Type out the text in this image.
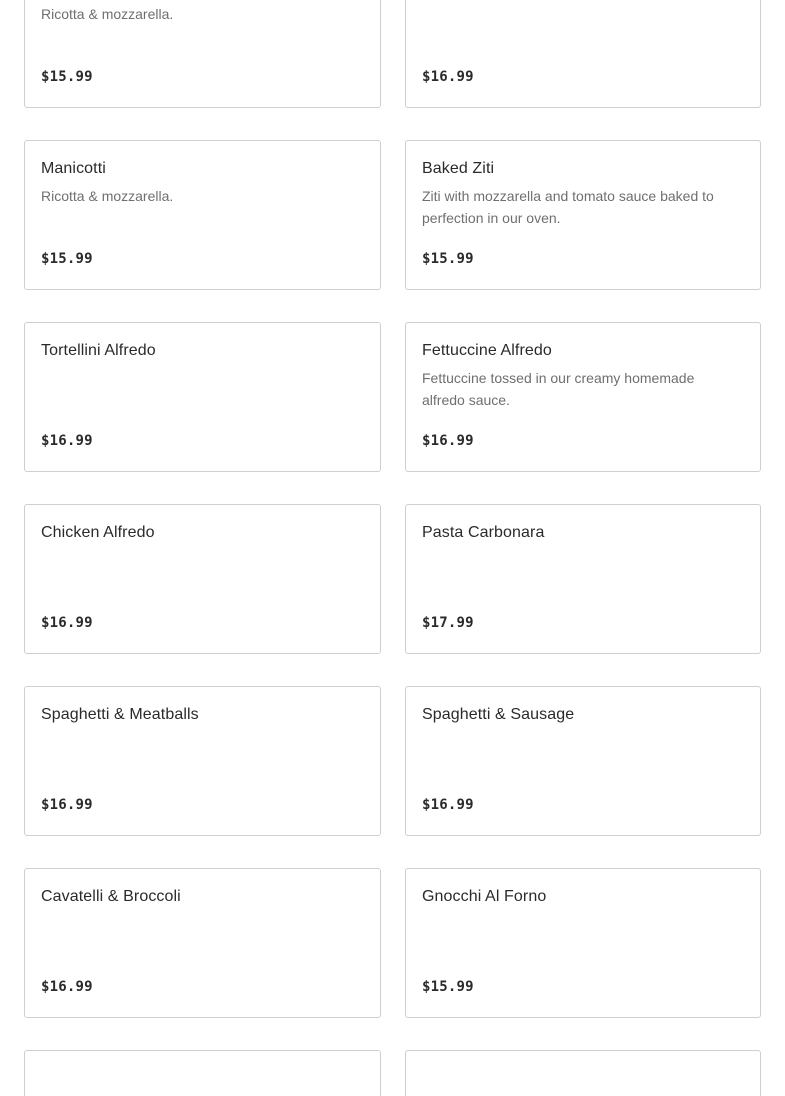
Ricotta & mozzarella.
$15.99	$16.99
Manicotti
Ricotta & mozzarella.
$15.99
Baked Ziti
Ziti with mozzarella and tomato sauce baked to perfection in our oven.
$15.99
Tortellini Alfredo
$16.99
Fettuccine Alfredo
Fettuccine tossed in our creamy homemade alfredo sauce.
$16.99
Chicken Alfredo
$16.99
Pasta Carbonara
$17.99
Spaghetti & Meatballs
$16.99
Spaghetti & Sausage
$16.99
Cavatelli & Broccoli
$16.99
Gnocchi Al Forno
$15.99
